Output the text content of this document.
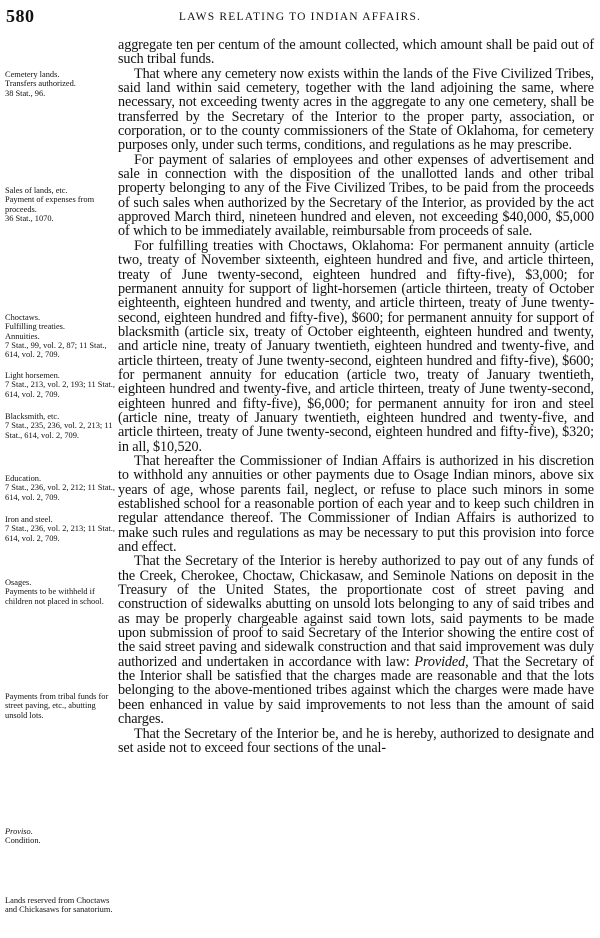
580	LAWS RELATING TO INDIAN AFFAIRS.
Cemetery lands.
Transfers authorized.
38 Stat., 96.
Sales of lands, etc.
Payment of expenses from proceeds.
36 Stat., 1070.
Choctaws.
Fulfilling treaties.
Annuities.
7 Stat., 99, vol. 2, 87; 11 Stat., 614, vol. 2, 709.
Light horsemen.
7 Stat., 213, vol. 2, 193; 11 Stat., 614, vol. 2, 709.
Blacksmith, etc.
7 Stat., 235, 236, vol. 2, 213; 11 Stat., 614, vol. 2, 709.
Education.
7 Stat., 236, vol. 2, 212; 11 Stat., 614, vol. 2, 709.
Iron and steel.
7 Stat., 236, vol. 2, 213; 11 Stat., 614, vol. 2, 709.
Osages.
Payments to be withheld if children not placed in school.
Payments from tribal funds for street paving, etc., abutting unsold lots.
Proviso.
Condition.
Lands reserved from Choctaws and Chickasaws for sanatorium.

aggregate ten per centum of the amount collected, which amount shall be paid out of such tribal funds.

That where any cemetery now exists within the lands of the Five Civilized Tribes, said land within said cemetery, together with the land adjoining the same, where necessary, not exceeding twenty acres in the aggregate to any one cemetery, shall be transferred by the Secretary of the Interior to the proper party, association, or corporation, or to the county commissioners of the State of Oklahoma, for cemetery purposes only, under such terms, conditions, and regulations as he may prescribe.

For payment of salaries of employees and other expenses of advertisement and sale in connection with the disposition of the unallotted lands and other tribal property belonging to any of the Five Civilized Tribes, to be paid from the proceeds of such sales when authorized by the Secretary of the Interior, as provided by the act approved March third, nineteen hundred and eleven, not exceeding $40,000, $5,000 of which to be immediately available, reimbursable from proceeds of sale.

For fulfilling treaties with Choctaws, Oklahoma: For permanent annuity (article two, treaty of November sixteenth, eighteen hundred and five, and article thirteen, treaty of June twenty-second, eighteen hundred and fifty-five), $3,000; for permanent annuity for support of light-horsemen (article thirteen, treaty of October eighteenth, eighteen hundred and twenty, and article thirteen, treaty of June twenty-second, eighteen hundred and fifty-five), $600; for permanent annuity for support of blacksmith (article six, treaty of October eighteenth, eighteen hundred and twenty, and article nine, treaty of January twentieth, eighteen hundred and twenty-five, and article thirteen, treaty of June twenty-second, eighteen hundred and fifty-five), $600; for permanent annuity for education (article two, treaty of January twentieth, eighteen hundred and twenty-five, and article thirteen, treaty of June twenty-second, eighteen hunred and fifty-five), $6,000; for permanent annuity for iron and steel (article nine, treaty of January twentieth, eighteen hundred and twenty-five, and article thirteen, treaty of June twenty-second, eighteen hundred and fifty-five), $320; in all, $10,520.

That hereafter the Commissioner of Indian Affairs is authorized in his discretion to withhold any annuities or other payments due to Osage Indian minors, above six years of age, whose parents fail, neglect, or refuse to place such minors in some established school for a reasonable portion of each year and to keep such children in regular attendance thereof. The Commissioner of Indian Affairs is authorized to make such rules and regulations as may be necessary to put this provision into force and effect.

That the Secretary of the Interior is hereby authorized to pay out of any funds of the Creek, Cherokee, Choctaw, Chickasaw, and Seminole Nations on deposit in the Treasury of the United States, the proportionate cost of street paving and construction of sidewalks abutting on unsold lots belonging to any of said tribes and as may be properly chargeable against said town lots, said payments to be made upon submission of proof to said Secretary of the Interior showing the entire cost of the said street paving and sidewalk construction and that said improvement was duly authorized and undertaken in accordance with law: Provided, That the Secretary of the Interior shall be satisfied that the charges made are reasonable and that the lots belonging to the above-mentioned tribes against which the charges were made have been enhanced in value by said improvements to not less than the amount of said charges.

That the Secretary of the Interior be, and he is hereby, authorized to designate and set aside not to exceed four sections of the unal-
